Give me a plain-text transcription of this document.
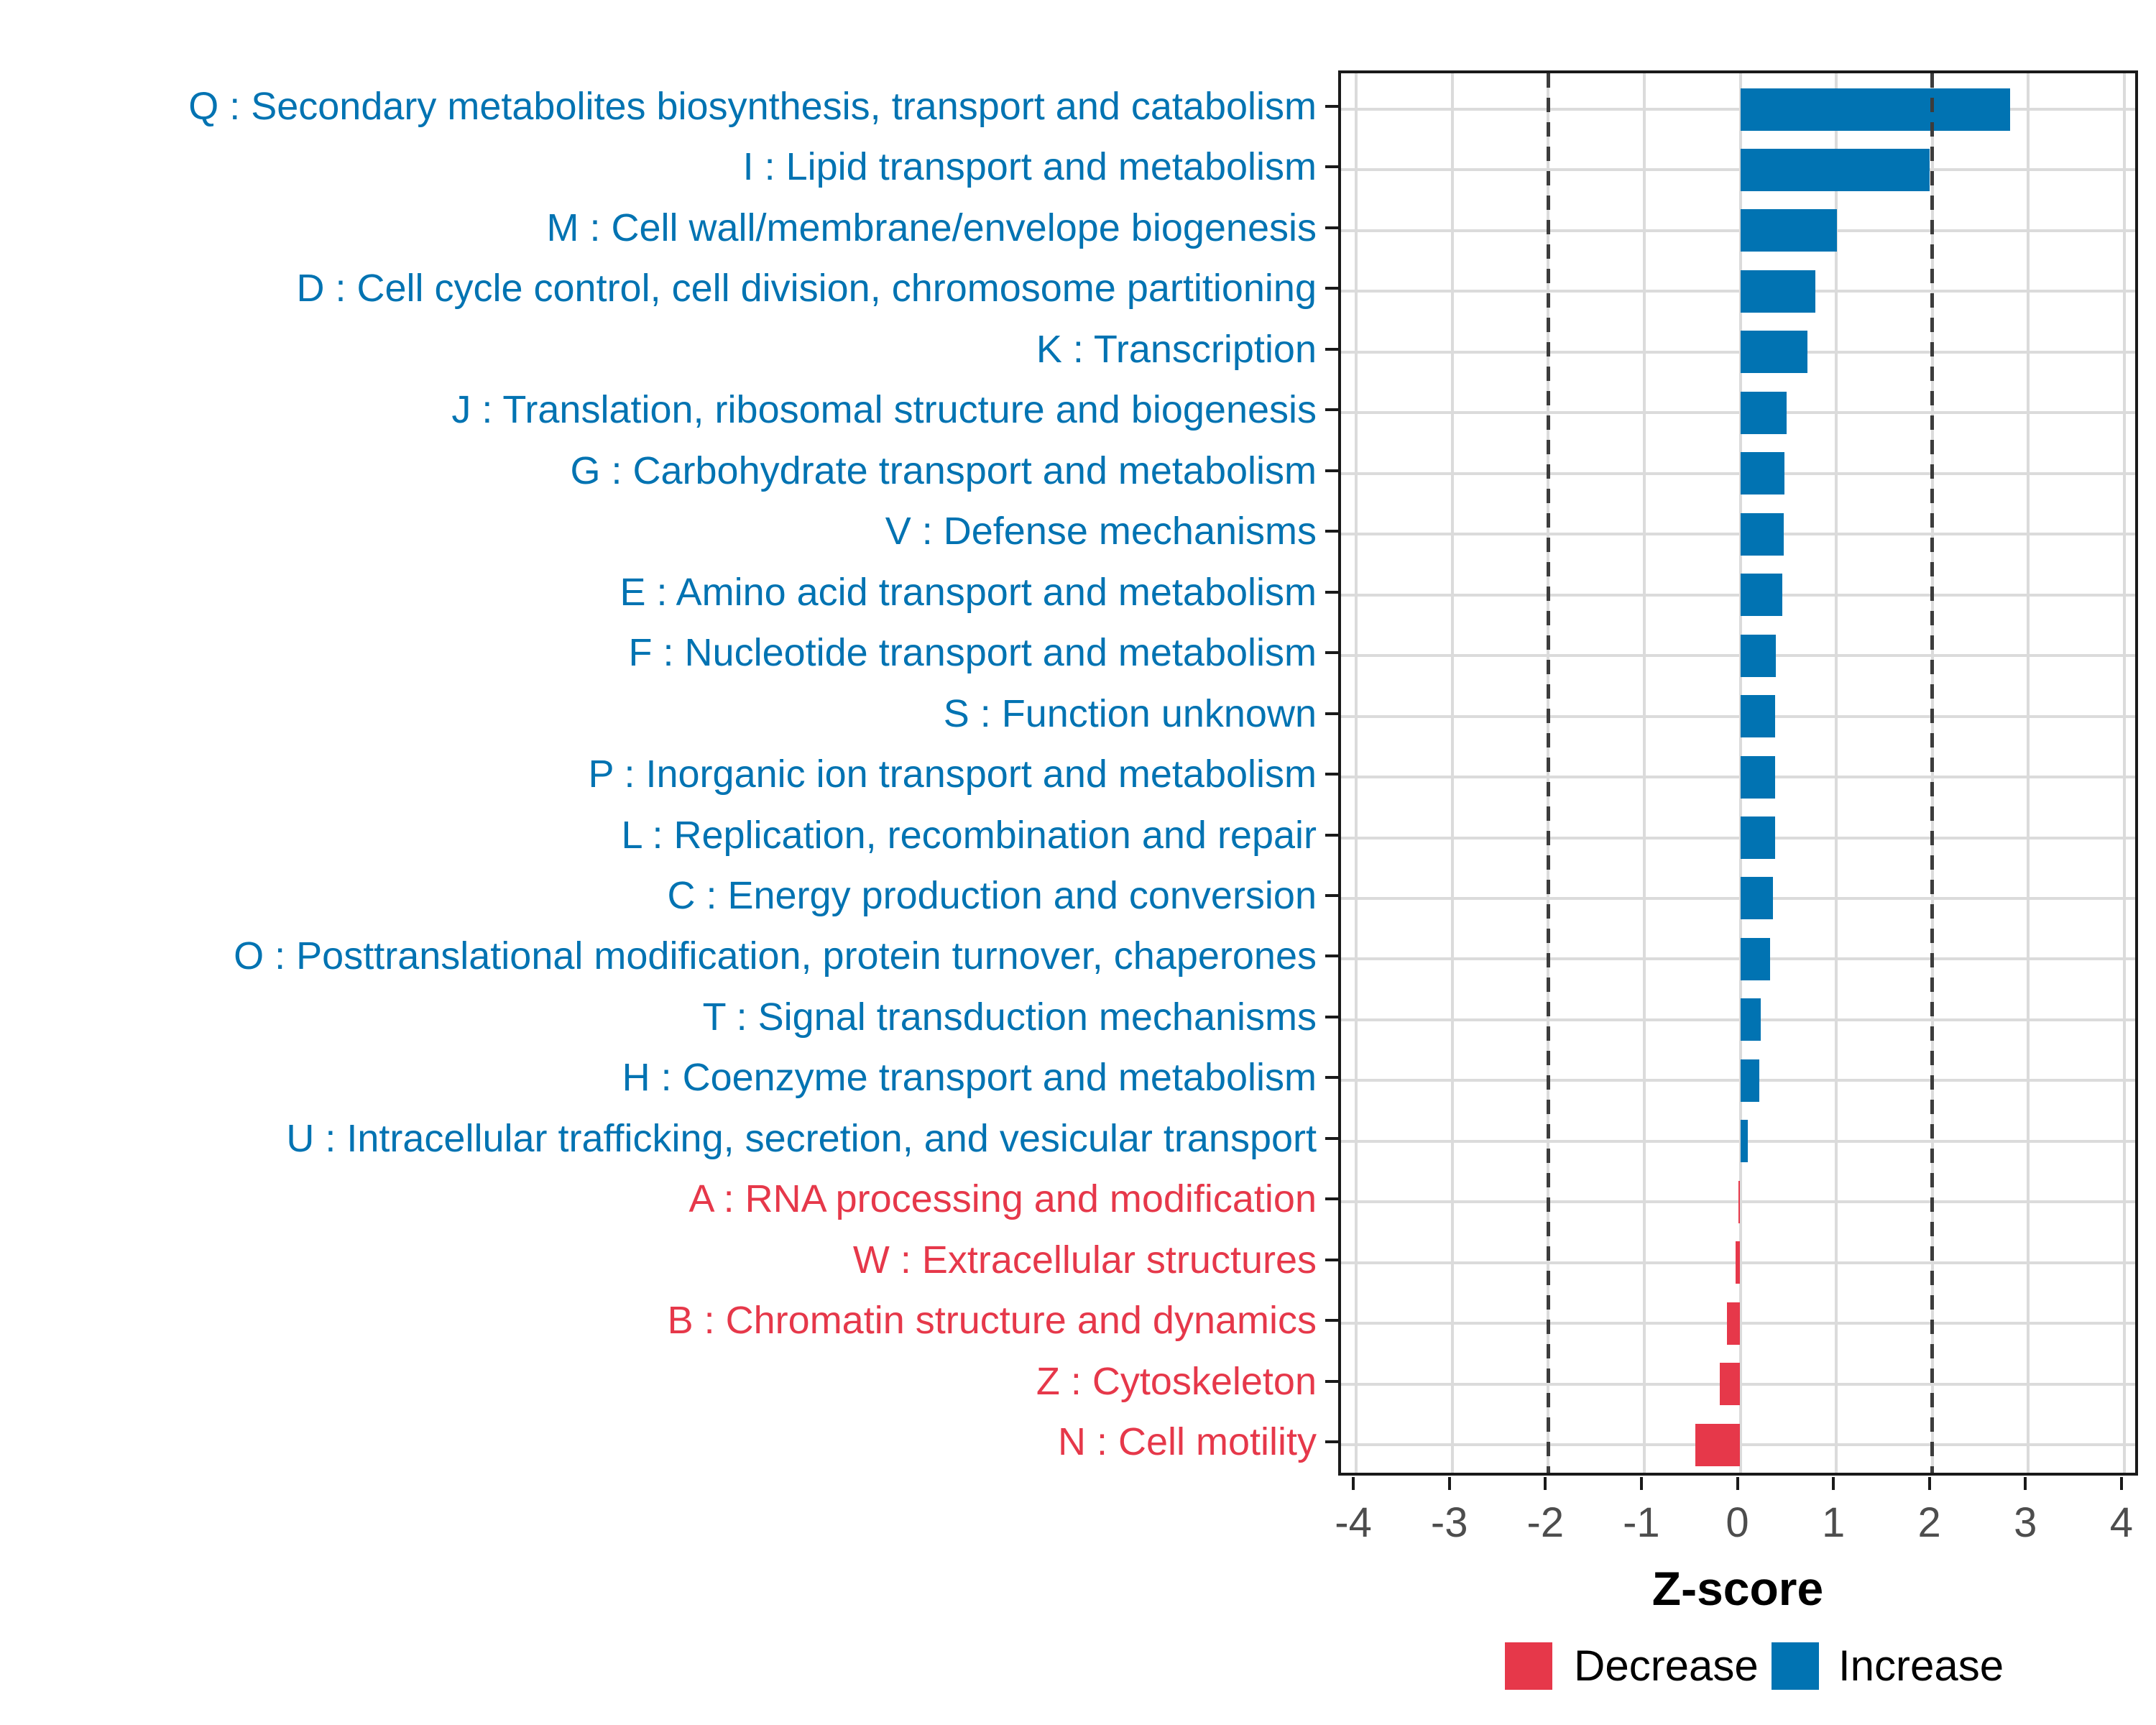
Q : Secondary metabolites biosynthesis, transport and catabolism
I : Lipid transport and metabolism
M : Cell wall/membrane/envelope biogenesis
D : Cell cycle control, cell division, chromosome partitioning
K : Transcription
J : Translation, ribosomal structure and biogenesis
G : Carbohydrate transport and metabolism
V : Defense mechanisms
E : Amino acid transport and metabolism
F : Nucleotide transport and metabolism
S : Function unknown
P : Inorganic ion transport and metabolism
L : Replication, recombination and repair
C : Energy production and conversion
O : Posttranslational modification, protein turnover, chaperones
T : Signal transduction mechanisms
H : Coenzyme transport and metabolism
U : Intracellular trafficking, secretion, and vesicular transport
A : RNA processing and modification
W : Extracellular structures
B : Chromatin structure and dynamics
Z : Cytoskeleton
N : Cell motility
-4	-3	-2	-1	0	1	2	3	4
Z-score
Decrease Increase
